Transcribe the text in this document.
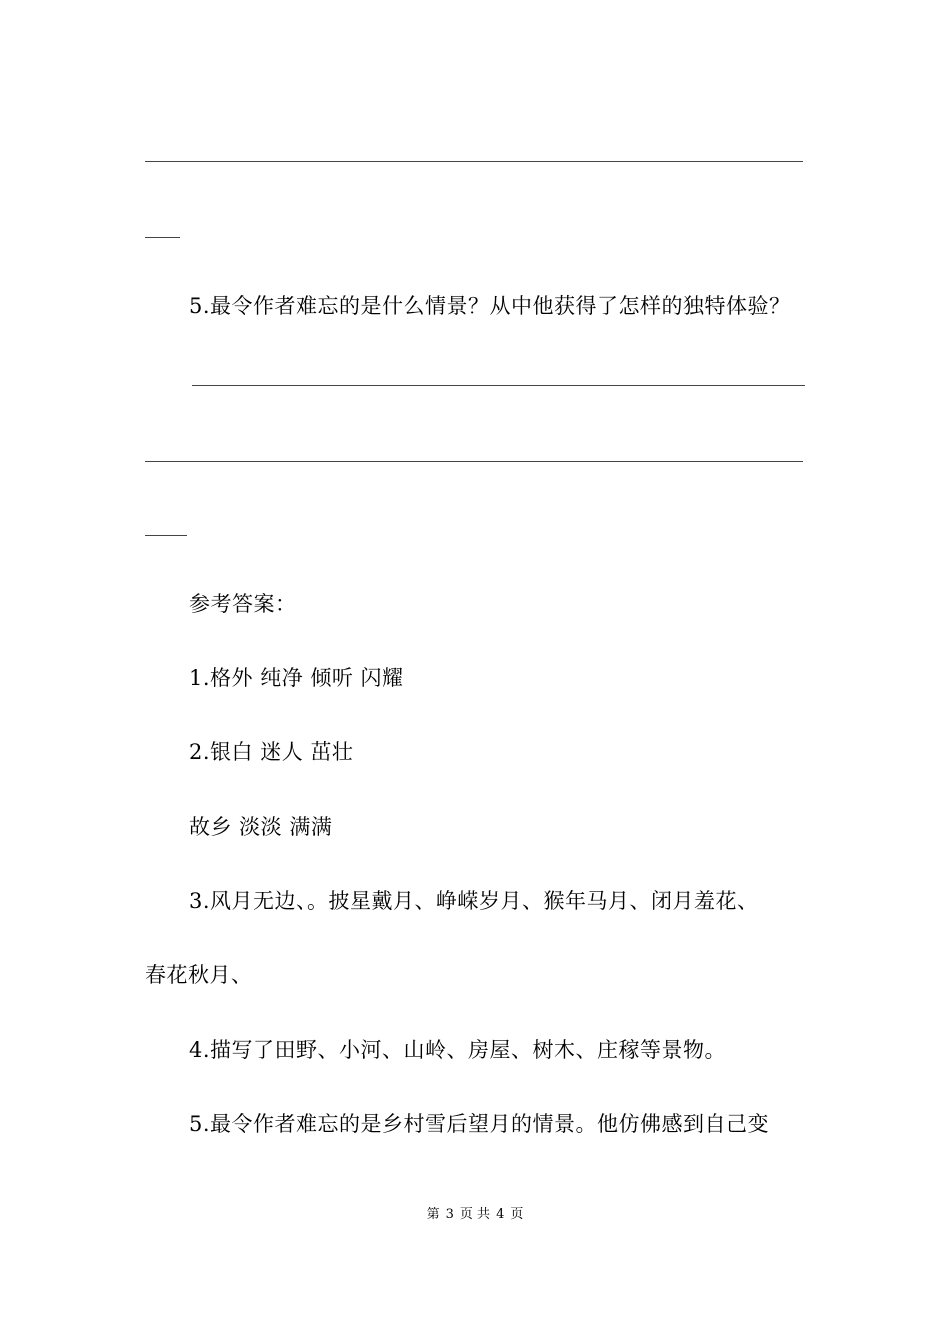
5.最令作者难忘的是什么情景？从中他获得了怎样的独特体验？
参考答案：
1.格外 纯净 倾听 闪耀
2.银白 迷人 茁壮
故乡 淡淡 满满
3.风月无边、。披星戴月、峥嵘岁月、猴年马月、闭月羞花、
春花秋月、
4.描写了田野、小河、山岭、房屋、树木、庄稼等景物。
5.最令作者难忘的是乡村雪后望月的情景。他仿佛感到自己变
第 3 页 共 4 页
